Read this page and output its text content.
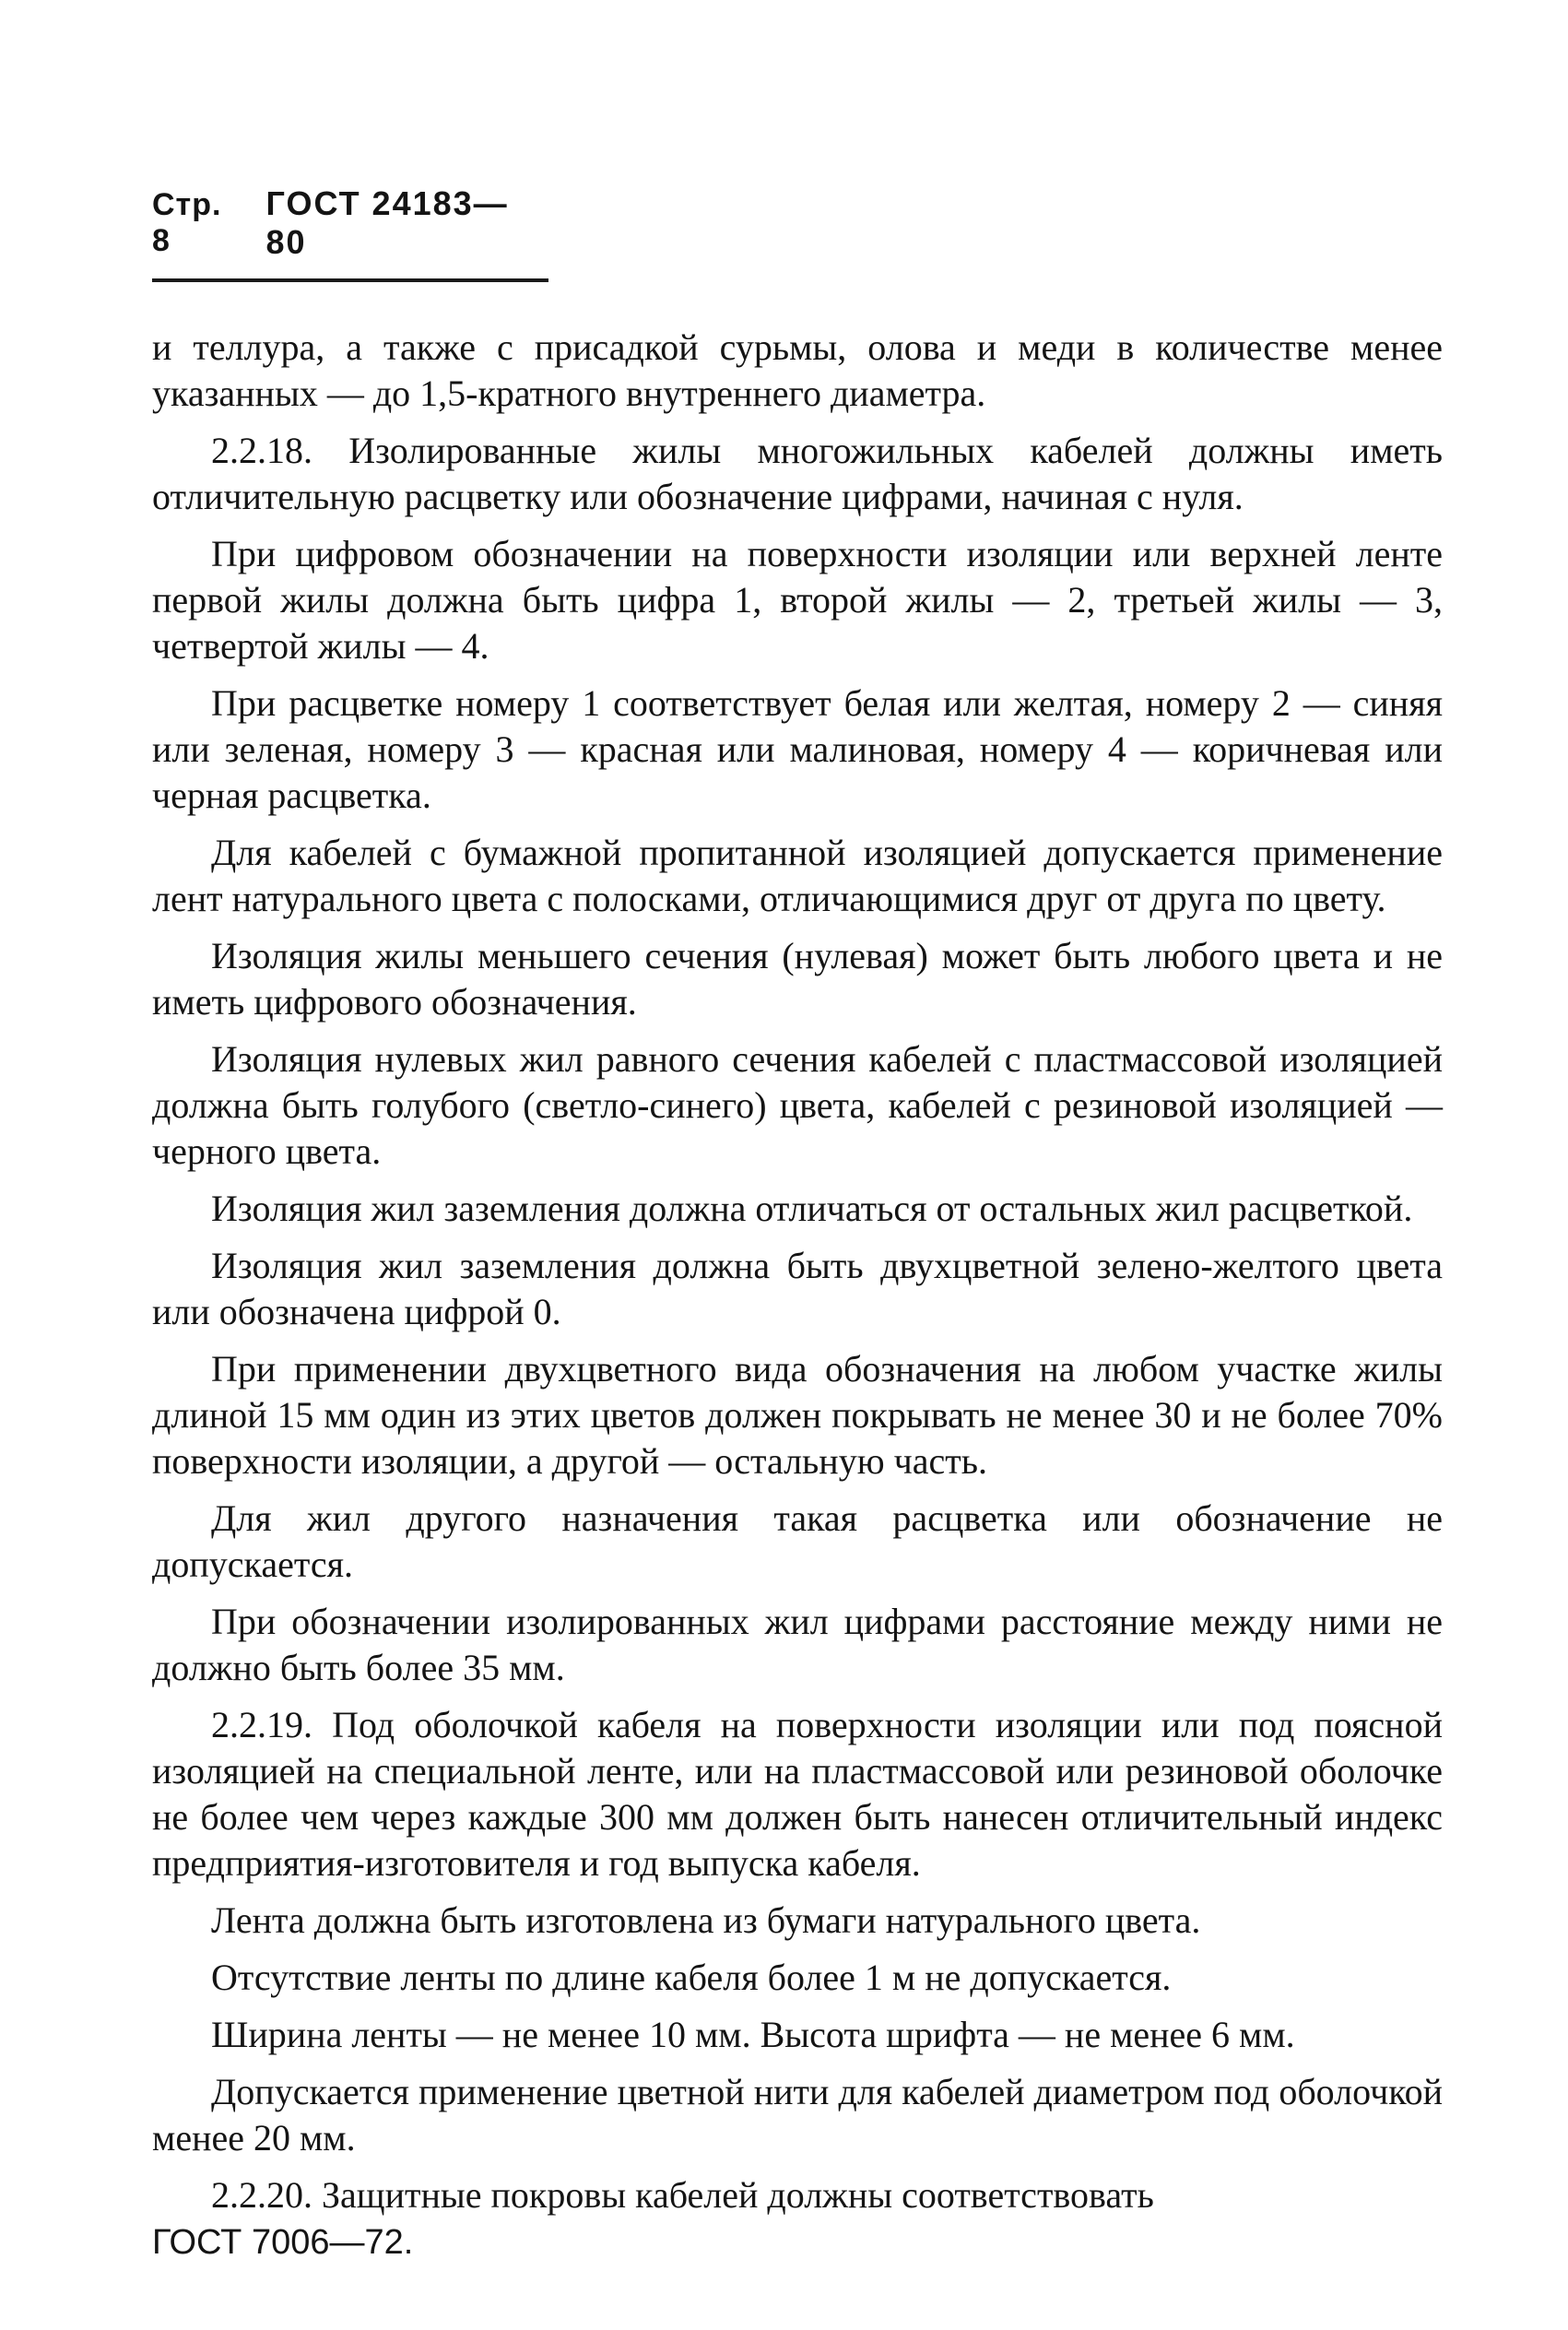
Стр. 8
ГОСТ 24183—80

и теллура, а также с присадкой сурьмы, олова и меди в количестве менее указанных — до 1,5-кратного внутреннего диаметра.

2.2.18. Изолированные жилы многожильных кабелей должны иметь отличительную расцветку или обозначение цифрами, начиная с нуля.

При цифровом обозначении на поверхности изоляции или верхней ленте первой жилы должна быть цифра 1, второй жилы — 2, третьей жилы — 3, четвертой жилы — 4.

При расцветке номеру 1 соответствует белая или желтая, номеру 2 — синяя или зеленая, номеру 3 — красная или малиновая, номеру 4 — коричневая или черная расцветка.

Для кабелей с бумажной пропитанной изоляцией допускается применение лент натурального цвета с полосками, отличающимися друг от друга по цвету.

Изоляция жилы меньшего сечения (нулевая) может быть любого цвета и не иметь цифрового обозначения.

Изоляция нулевых жил равного сечения кабелей с пластмассовой изоляцией должна быть голубого (светло-синего) цвета, кабелей с резиновой изоляцией — черного цвета.

Изоляция жил заземления должна отличаться от остальных жил расцветкой.

Изоляция жил заземления должна быть двухцветной зелено-желтого цвета или обозначена цифрой 0.

При применении двухцветного вида обозначения на любом участке жилы длиной 15 мм один из этих цветов должен покрывать не менее 30 и не более 70% поверхности изоляции, а другой — остальную часть.

Для жил другого назначения такая расцветка или обозначение не допускается.

При обозначении изолированных жил цифрами расстояние между ними не должно быть более 35 мм.

2.2.19. Под оболочкой кабеля на поверхности изоляции или под поясной изоляцией на специальной ленте, или на пластмассовой или резиновой оболочке не более чем через каждые 300 мм должен быть нанесен отличительный индекс предприятия-изготовителя и год выпуска кабеля.

Лента должна быть изготовлена из бумаги натурального цвета.

Отсутствие ленты по длине кабеля более 1 м не допускается.

Ширина ленты — не менее 10 мм. Высота шрифта — не менее 6 мм.

Допускается применение цветной нити для кабелей диаметром под оболочкой менее 20 мм.

2.2.20. Защитные покровы кабелей должны соответствовать

ГОСТ 7006—72.
